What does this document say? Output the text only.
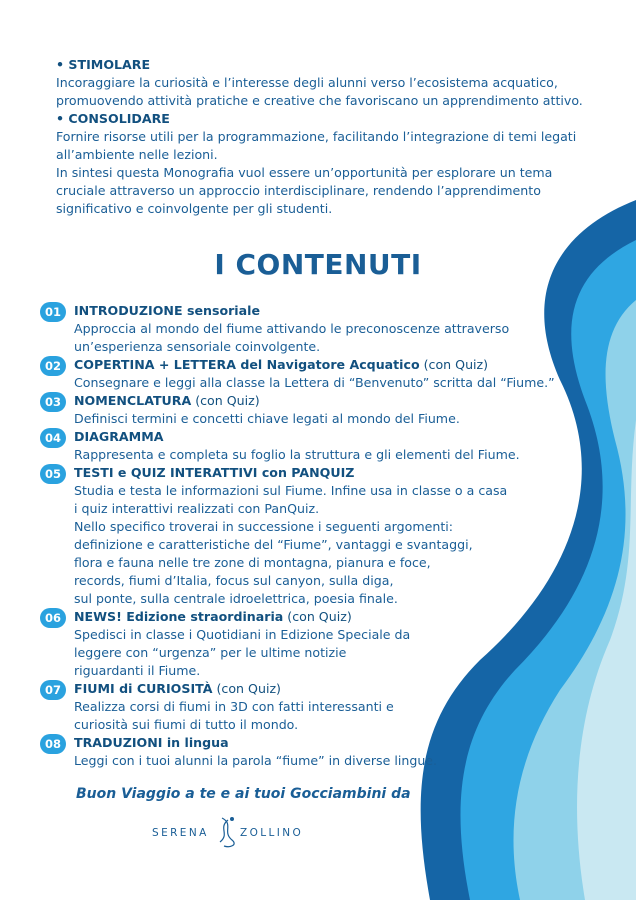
• STIMOLARE

Incoraggiare la curiosità e l’interesse degli alunni verso l’ecosistema acquatico, promuovendo attività pratiche e creative che favoriscano un apprendimento attivo.

• CONSOLIDARE

Fornire risorse utili per la programmazione, facilitando l’integrazione di temi legati all’ambiente nelle lezioni.

In sintesi questa Monografia vuol essere un’opportunità per esplorare un tema cruciale attraverso un approccio interdisciplinare, rendendo l’apprendimento significativo e coinvolgente per gli studenti.

I CONTENUTI
01	INTRODUZIONE sensoriale
Approccia al mondo del fiume attivando le preconoscenze attraverso
un’esperienza sensoriale coinvolgente.
02	COPERTINA + LETTERA del Navigatore Acquatico (con Quiz)
Consegnare e leggi alla classe la Lettera di “Benvenuto” scritta dal “Fiume.”
03	NOMENCLATURA (con Quiz)
Definisci termini e concetti chiave legati al mondo del Fiume.
04	DIAGRAMMA
Rappresenta e completa su foglio la struttura e gli elementi del Fiume.
05	TESTI e QUIZ INTERATTIVI con PANQUIZ
Studia e testa le informazioni sul Fiume. Infine usa in classe o a casa
i quiz interattivi realizzati con PanQuiz.
Nello specifico troverai in successione i seguenti argomenti:
definizione e caratteristiche del “Fiume”, vantaggi e svantaggi,
flora e fauna nelle tre zone di montagna, pianura e foce,
records, fiumi d’Italia, focus sul canyon, sulla diga,
sul ponte, sulla centrale idroelettrica, poesia finale.
06	NEWS! Edizione straordinaria (con Quiz)
Spedisci in classe i Quotidiani in Edizione Speciale da
leggere con “urgenza” per le ultime notizie
riguardanti il Fiume.
07	FIUMI di CURIOSITÀ (con Quiz)
Realizza corsi di fiumi in 3D con fatti interessanti e
curiosità sui fiumi di tutto il mondo.
08	TRADUZIONI in lingua
Leggi con i tuoi alunni la parola “fiume” in diverse lingue.

Buon Viaggio a te e ai tuoi Gocciambini da

SERENA	ZOLLINO
